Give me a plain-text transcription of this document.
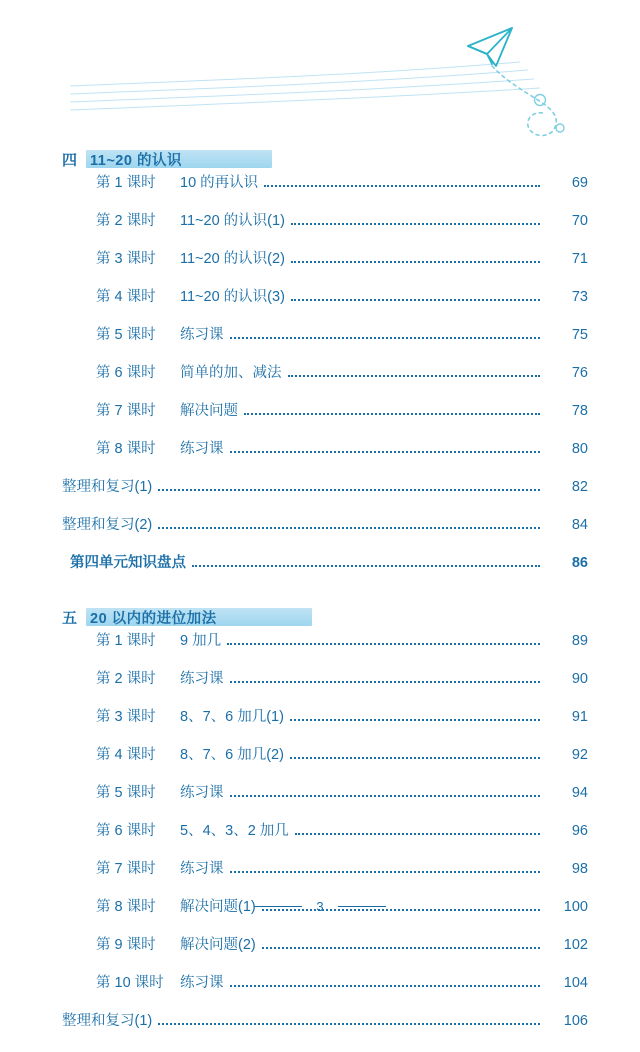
四 11~20 的认识
第 1 课时	10 的再认识	69
第 2 课时	11~20 的认识(1)	70
第 3 课时	11~20 的认识(2)	71
第 4 课时	11~20 的认识(3)	73
第 5 课时	练习课	75
第 6 课时	简单的加、减法	76
第 7 课时	解决问题	78
第 8 课时	练习课	80
整理和复习(1)	82
整理和复习(2)	84
第四单元知识盘点	86
五 20 以内的进位加法
第 1 课时	9 加几	89
第 2 课时	练习课	90
第 3 课时	8、7、6 加几(1)	91
第 4 课时	8、7、6 加几(2)	92
第 5 课时	练习课	94
第 6 课时	5、4、3、2 加几	96
第 7 课时	练习课	98
第 8 课时	解决问题(1)	100
第 9 课时	解决问题(2)	102
第 10 课时	练习课	104
整理和复习(1)	106
3
